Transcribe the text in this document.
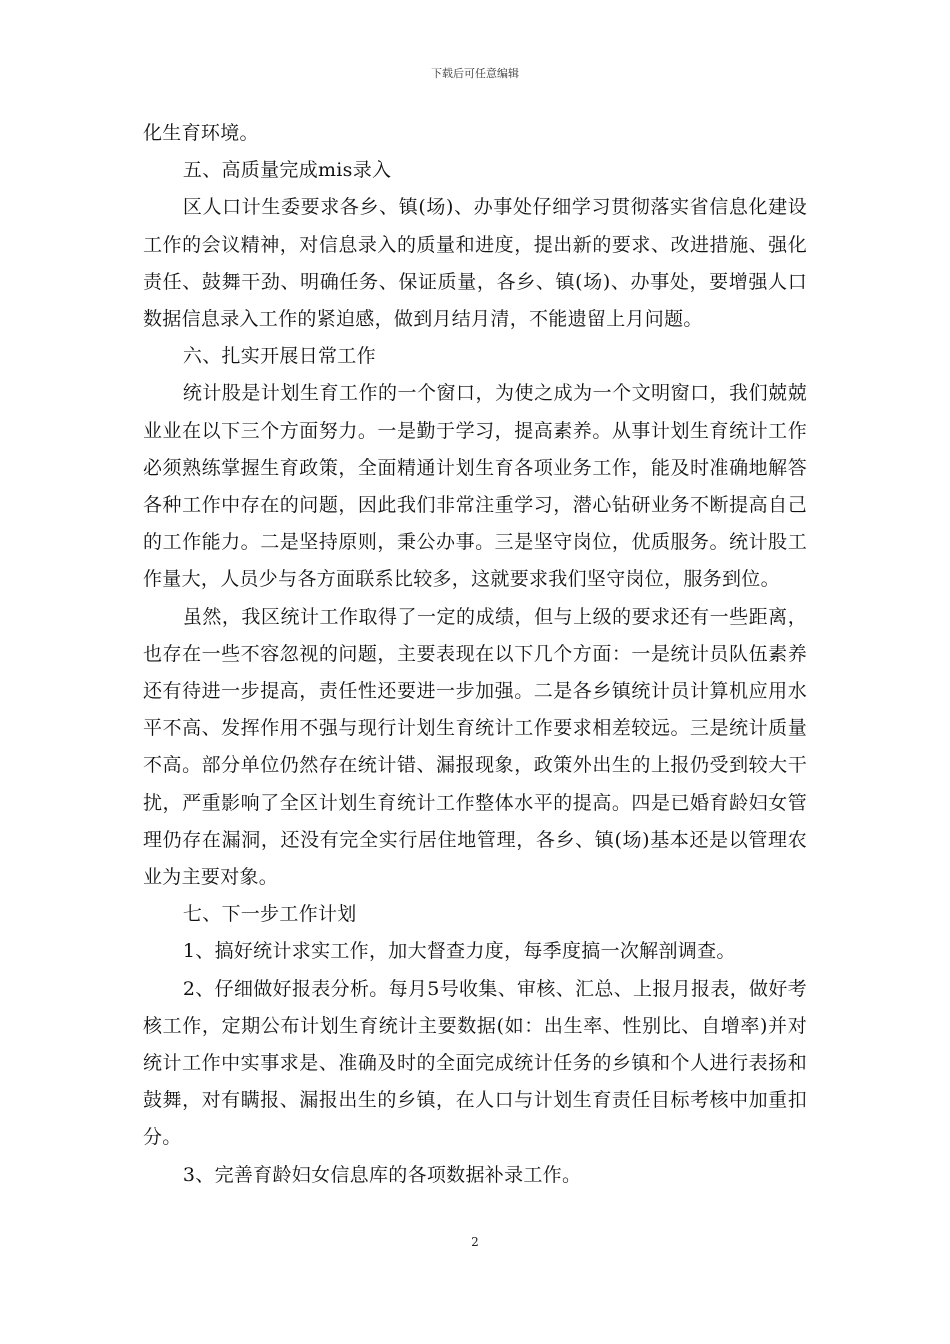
下载后可任意编辑

化生育环境。

五、高质量完成mis录入

区人口计生委要求各乡、镇(场)、办事处仔细学习贯彻落实省信息化建设工作的会议精神，对信息录入的质量和进度，提出新的要求、改进措施、强化责任、鼓舞干劲、明确任务、保证质量，各乡、镇(场)、办事处，要增强人口数据信息录入工作的紧迫感，做到月结月清，不能遗留上月问题。

六、扎实开展日常工作

统计股是计划生育工作的一个窗口，为使之成为一个文明窗口，我们兢兢业业在以下三个方面努力。一是勤于学习，提高素养。从事计划生育统计工作必须熟练掌握生育政策，全面精通计划生育各项业务工作，能及时准确地解答各种工作中存在的问题，因此我们非常注重学习，潜心钻研业务不断提高自己的工作能力。二是坚持原则，秉公办事。三是坚守岗位，优质服务。统计股工作量大，人员少与各方面联系比较多，这就要求我们坚守岗位，服务到位。

虽然，我区统计工作取得了一定的成绩，但与上级的要求还有一些距离，也存在一些不容忽视的问题，主要表现在以下几个方面：一是统计员队伍素养还有待进一步提高，责任性还要进一步加强。二是各乡镇统计员计算机应用水平不高、发挥作用不强与现行计划生育统计工作要求相差较远。三是统计质量不高。部分单位仍然存在统计错、漏报现象，政策外出生的上报仍受到较大干扰，严重影响了全区计划生育统计工作整体水平的提高。四是已婚育龄妇女管理仍存在漏洞，还没有完全实行居住地管理，各乡、镇(场)基本还是以管理农业为主要对象。

七、下一步工作计划

1、搞好统计求实工作，加大督查力度，每季度搞一次解剖调查。

2、仔细做好报表分析。每月5号收集、审核、汇总、上报月报表，做好考核工作，定期公布计划生育统计主要数据(如：出生率、性别比、自增率)并对统计工作中实事求是、准确及时的全面完成统计任务的乡镇和个人进行表扬和鼓舞，对有瞒报、漏报出生的乡镇，在人口与计划生育责任目标考核中加重扣分。

3、完善育龄妇女信息库的各项数据补录工作。

2
